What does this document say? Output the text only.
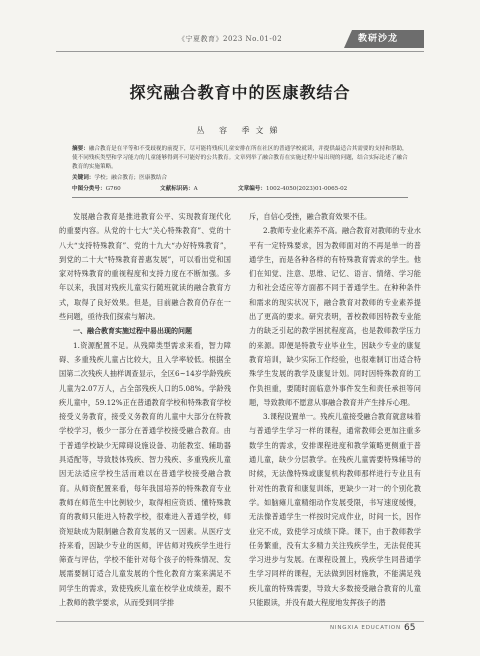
《宁夏教育》2023 No.01-02	教研沙龙
探究融合教育中的医康教结合
丛 容 季文娣
摘要：融合教育是在平等和不受歧视的前提下，尽可能将残疾儿童安排在所在社区的普通学校就读，并提供最适合其需要的支持和帮助，使不同残疾类型和学习能力的儿童能够得到不可能好的公共教育。文章列举了融合教育在实施过程中易出现的问题，结合实际论述了融合教育的实施策略。
关键词：学校；融合教育；医康教结合
中图分类号：G760	文献标识码：A	文章编号：1002-4050(2023)01-0065-02

发展融合教育是推进教育公平、实现教育现代化的重要内容。从党的十七大“关心特殊教育”、党的十八大“支持特殊教育”、党的十九大“办好特殊教育”，到党的二十大“特殊教育普惠发展”，可以看出党和国家对特殊教育的重视程度和支持力度在不断加强。多年以来，我国对残疾儿童实行随班就读的融合教育方式，取得了良好效果。但是，目前融合教育仍存在一些问题，亟待我们探索与解决。

一、融合教育实施过程中易出现的问题

1.资源配置不足。从残障类型需求来看，智力障碍、多重残疾儿童占比较大，且入学率较低。根据全国第二次残疾人抽样调查显示，全区6~14岁学龄残疾儿童为2.07万人，占全部残疾人口的5.08%。学龄残疾儿童中，59.12%正在普通教育学校和特殊教育学校接受义务教育，接受义务教育的儿童中大部分在特教学校学习，极少一部分在普通学校接受融合教育。由于普通学校缺少无障碍设施设备、功能教室、辅助器具适配等，导致肢体残疾、智力残疾、多重残疾儿童因无法适应学校生活而难以在普通学校接受融合教育。从师资配置来看，每年我国培养的特殊教育专业教师在师范生中比例较少，取得相应资质、懂特殊教育的教师只能进入特教学校，很难进入普通学校，师资短缺成为限制融合教育发展的又一因素。从医疗支持来看，因缺少专业的医师，评估师对残疾学生进行筛查与评估，学校不能针对每个孩子的特殊情况、发展需要制订适合儿童发展的个性化教育方案来满足不同学生的需求，致使残疾儿童在校学业成绩差，跟不上教师的教学要求，从而受到同学排

斥，自信心受挫，融合教育效果不佳。

2.教师专业化素养不高。融合教育对教师的专业水平有一定特殊要求，因为教师面对的不再是单一的普通学生，而是各种各样的有特殊教育需求的学生。他们在知觉、注意、思维、记忆、语言、情绪、学习能力和社会适应等方面都不同于普通学生。在种种条件和需求的现实状况下，融合教育对教师的专业素养提出了更高的要求。研究表明，普校教师因特教专业能力的缺乏引起的教学困扰程度高，也是教师教学压力的来源。即便是特教专业毕业生，因缺少专业的康复教育培训，缺少实际工作经验，也很难制订出适合特殊学生发展的教学及康复计划。同时因特殊教育的工作负担重，要随时面临意外事件发生和责任承担等问题，导致教师不愿意从事融合教育并产生排斥心理。

3.课程设置单一。残疾儿童接受融合教育就意味着与普通学生学习一样的课程，通常教师会更加注重多数学生的需求，安排课程进度和教学策略更侧重于普通儿童，缺少分层教学。在残疾儿童需要特殊辅导的时候，无法像特殊或康复机构教师那样进行专业且有针对性的教育和康复训练，更缺少一对一的个别化教学。如脑瘫儿童精细动作发展受限，书写速度缓慢，无法像普通学生一样按时完成作业，时间一长，因作业完不成，致使学习成绩下降。课下，由于教师教学任务繁重，没有太多精力关注残疾学生，无法促使其学习进步与发展。在课程设置上，残疾学生同普通学生学习同样的课程，无法做到因材施教，不能满足残疾儿童的特殊需要，导致大多数接受融合教育的儿童只能跟读，并没有最大程度地发挥孩子的潜

NINGXIA EDUCATION 65
